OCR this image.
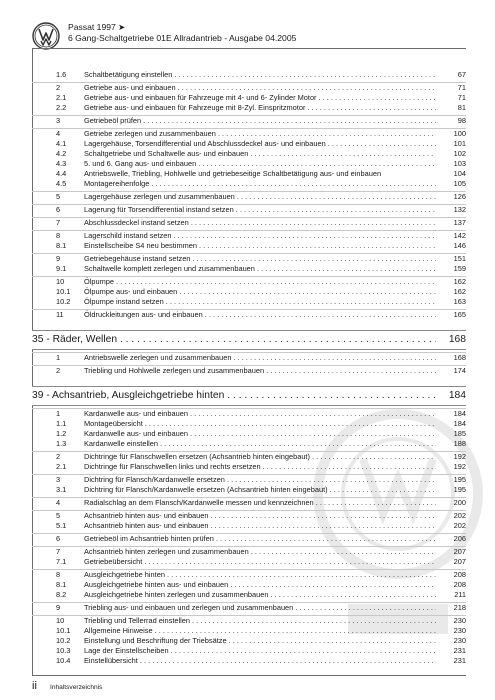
Passat 1997 ➤
6 Gang-Schaltgetriebe 01E Allradantrieb - Ausgabe 04.2005
1.6 Schaltbetätigung einstellen . . .	67
2	Getriebe aus- und einbauen . . .	71
2.1 Getriebe aus- und einbauen für Fahrzeuge mit 4- und 6- Zylinder Motor . . .	71
2.2 Getriebe aus- und einbauen für Fahrzeuge mit 8-Zyl. Einspritzmotor . . .	81
3	Getriebeöl prüfen . . .	98
4	Getriebe zerlegen und zusammenbauen . . .	100
4.1 Lagergehäuse, Torsendifferential und Abschlussdeckel aus- und einbauen . . .	101
4.2 Schaltgetriebe und Schaltwelle aus- und einbauen . . .	102
4.3 5. und 6. Gang aus- und einbauen . . .	103
4.4 Antriebswelle, Triebling, Hohlwelle und getriebeseitige Schaltbetätigung aus- und einbauen	104
4.5 Montagereihenfolge . . .	105
5	Lagergehäuse zerlegen und zusammenbauen . . .	126
6	Lagerung für Torsendifferential instand setzen . . .	132
7	Abschlussdeckel instand setzen . . .	137
8	Lagerschild instand setzen . . .	142
8.1 Einstellscheibe S4 neu bestimmen . . .	146
9	Getriebegehäuse instand setzen . . .	151
9.1 Schaltwelle komplett zerlegen und zusammenbauen . . .	159
10	Ölpumpe . . .	162
10.1 Ölpumpe aus- und einbauen . . .	162
10.2 Ölpumpe instand setzen . . .	163
11	Öldruckleitungen aus- und einbauen . . .	165
35 - Räder, Wellen . . .	168
1	Antriebswelle zerlegen und zusammenbauen . . .	168
2	Triebling und Hohlwelle zerlegen und zusammenbauen . . .	174
39 - Achsantrieb, Ausgleichgetriebe hinten . . .	184
1	Kardanwelle aus- und einbauen . . .	184
1.1 Montageübersicht . . .	184
1.2 Kardanwelle aus- und einbauen . . .	185
1.3 Kardanwelle einstellen . . .	188
2	Dichtringe für Flanschwellen ersetzen (Achsantrieb hinten eingebaut) . . .	192
2.1 Dichtringe für Flanschwellen links und rechts ersetzen . . .	192
3	Dichtring für Flansch/Kardanwelle ersetzen . . .	195
3.1 Dichtring für Flansch/Kardanwelle ersetzen (Achsantrieb hinten eingebaut) . . .	195
4	Radialschlag an dem Flansch/Kardanwelle messen und kennzeichnen . . .	200
5	Achsantrieb hinten aus- und einbauen . . .	202
5.1 Achsantrieb hinten aus- und einbauen . . .	202
6	Getriebeöl im Achsantrieb hinten prüfen . . .	206
7	Achsantrieb hinten zerlegen und zusammenbauen . . .	207
7.1 Getriebeübersicht . . .	207
8	Ausgleichgetriebe hinten . . .	208
8.1 Ausgleichgetriebe hinten aus- und einbauen . . .	208
8.2 Ausgleichgetriebe hinten zerlegen und zusammenbauen . . .	211
9	Triebling aus- und einbauen und zerlegen und zusammenbauen . . .	218
10	Triebling und Tellerrad einstellen . . .	230
10.1 Allgemeine Hinweise . . .	230
10.2 Einstellung und Beschriftung der Triebsätze . . .	230
10.3 Lage der Einstellscheiben . . .	231
10.4 Einstellübersicht . . .	231
ii Inhaltsverzeichnis
